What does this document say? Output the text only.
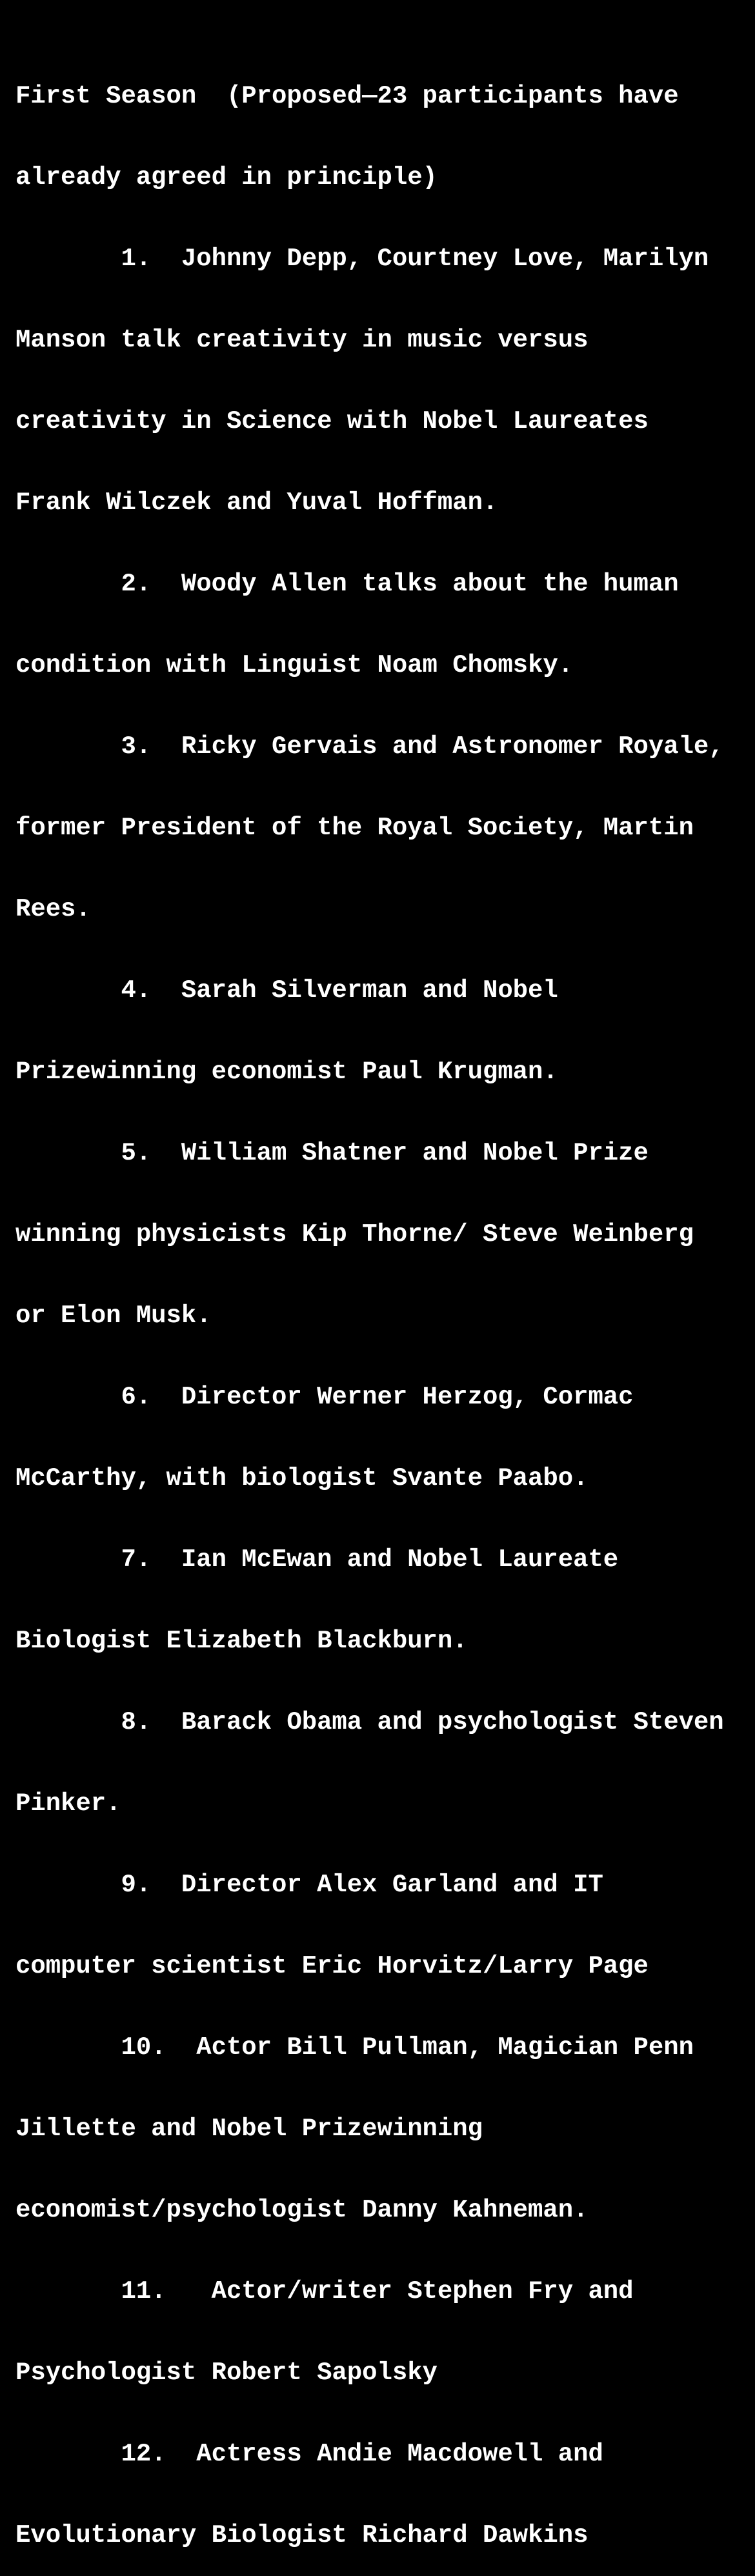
First Season  (Proposed—23 participants have

already agreed in principle)

1.  Johnny Depp, Courtney Love, Marilyn

Manson talk creativity in music versus

creativity in Science with Nobel Laureates

Frank Wilczek and Yuval Hoffman.

2.  Woody Allen talks about the human

condition with Linguist Noam Chomsky.

3.  Ricky Gervais and Astronomer Royale,

former President of the Royal Society, Martin

Rees.

4.  Sarah Silverman and Nobel

Prizewinning economist Paul Krugman.

5.  William Shatner and Nobel Prize

winning physicists Kip Thorne/ Steve Weinberg

or Elon Musk.

6.  Director Werner Herzog, Cormac

McCarthy, with biologist Svante Paabo.

7.  Ian McEwan and Nobel Laureate

Biologist Elizabeth Blackburn.

8.  Barack Obama and psychologist Steven

Pinker.

9.  Director Alex Garland and IT

computer scientist Eric Horvitz/Larry Page

10.  Actor Bill Pullman, Magician Penn

Jillette and Nobel Prizewinning

economist/psychologist Danny Kahneman.

11.   Actor/writer Stephen Fry and

Psychologist Robert Sapolsky

12.  Actress Andie Macdowell and

Evolutionary Biologist Richard Dawkins
